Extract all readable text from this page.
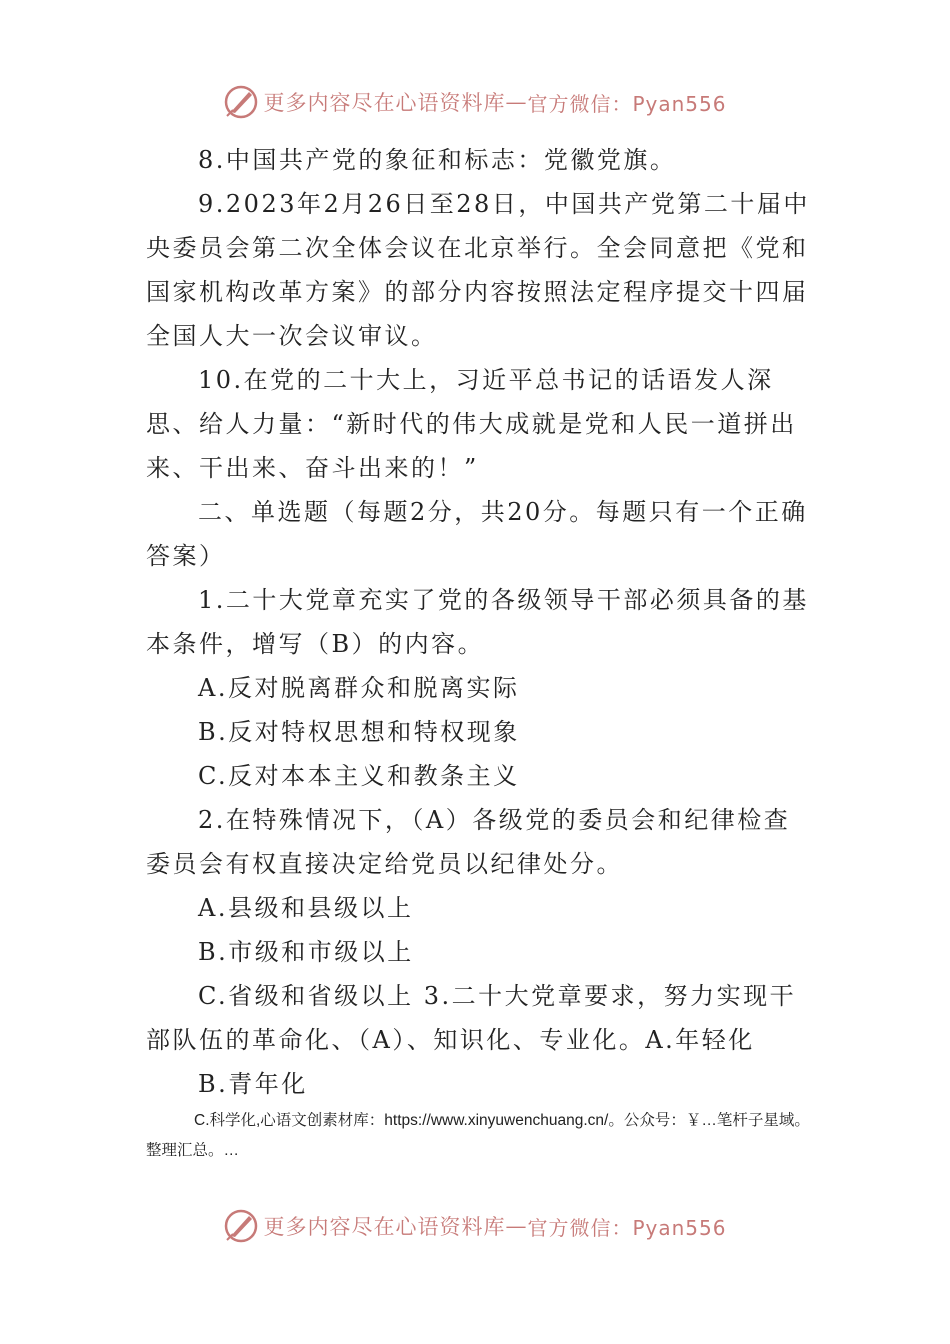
更多内容尽在心语资料库 — 官方微信：Pyan556

8.中国共产党的象征和标志：党徽党旗。

9.2023年2月26日至28日，中国共产党第二十届中央委员会第二次全体会议在北京举行。全会同意把《党和国家机构改革方案》的部分内容按照法定程序提交十四届全国人大一次会议审议。

10.在党的二十大上，习近平总书记的话语发人深思、给人力量：“新时代的伟大成就是党和人民一道拼出来、干出来、奋斗出来的！”

二、单选题（每题2分，共20分。每题只有一个正确答案）

1.二十大党章充实了党的各级领导干部必须具备的基本条件，增写（B）的内容。

A.反对脱离群众和脱离实际

B.反对特权思想和特权现象

C.反对本本主义和教条主义

2.在特殊情况下，（A）各级党的委员会和纪律检查委员会有权直接决定给党员以纪律处分。

A.县级和县级以上

B.市级和市级以上

C.省级和省级以上 3.二十大党章要求，努力实现干部队伍的革命化、（A）、知识化、专业化。A.年轻化

B.青年化

C.科学化,心语文创素材库：https://www.xinyuwenchuang.cn/。公众号：￥…笔杆子星域。整理汇总。…

更多内容尽在心语资料库 — 官方微信：Pyan556
